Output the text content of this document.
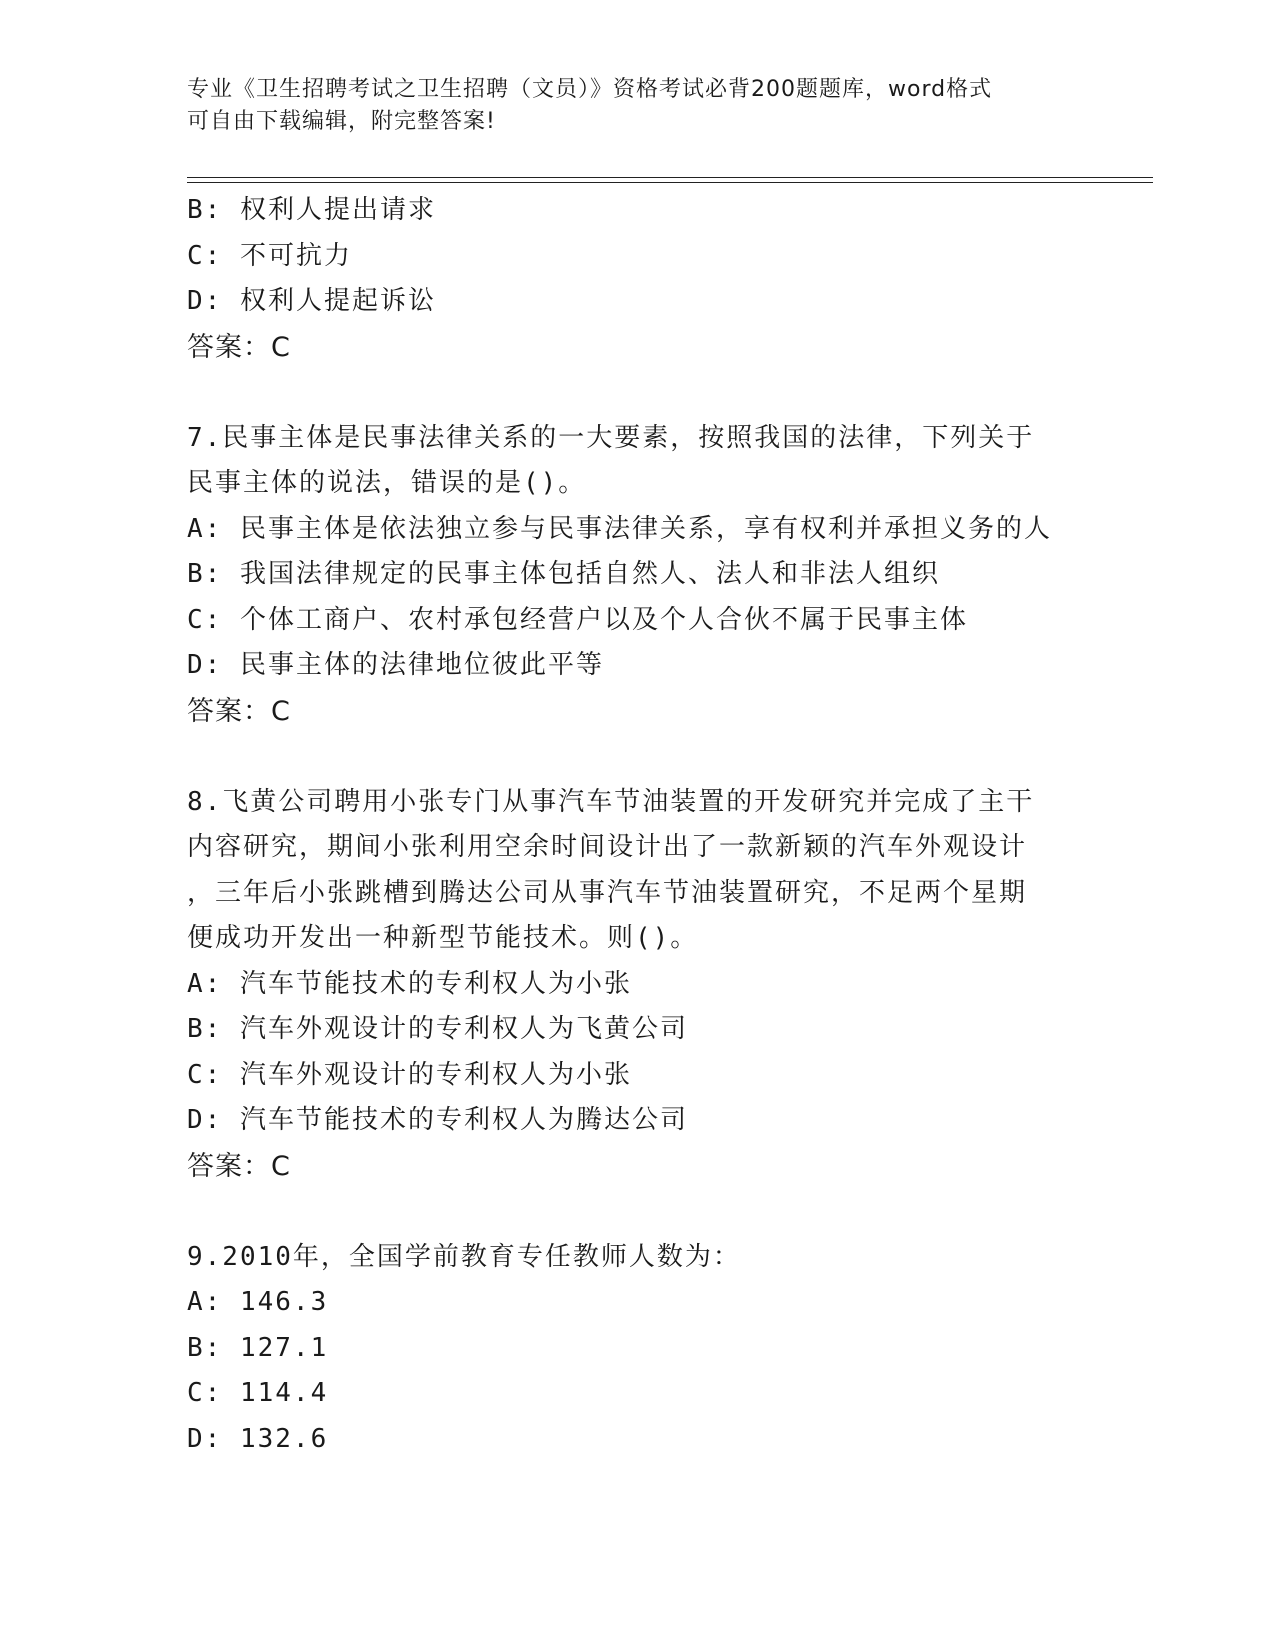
专业《卫生招聘考试之卫生招聘（文员）》资格考试必背200题题库，word格式
可自由下载编辑，附完整答案!
B: 权利人提出请求
C: 不可抗力
D: 权利人提起诉讼
答案：C
7.民事主体是民事法律关系的一大要素，按照我国的法律，下列关于
民事主体的说法，错误的是()。
A: 民事主体是依法独立参与民事法律关系，享有权利并承担义务的人
B: 我国法律规定的民事主体包括自然人、法人和非法人组织
C: 个体工商户、农村承包经营户以及个人合伙不属于民事主体
D: 民事主体的法律地位彼此平等
答案：C
8.飞黄公司聘用小张专门从事汽车节油装置的开发研究并完成了主干
内容研究，期间小张利用空余时间设计出了一款新颖的汽车外观设计
，三年后小张跳槽到腾达公司从事汽车节油装置研究，不足两个星期
便成功开发出一种新型节能技术。则()。
A: 汽车节能技术的专利权人为小张
B: 汽车外观设计的专利权人为飞黄公司
C: 汽车外观设计的专利权人为小张
D: 汽车节能技术的专利权人为腾达公司
答案：C
9.2010年，全国学前教育专任教师人数为：
A: 146.3
B: 127.1
C: 114.4
D: 132.6
